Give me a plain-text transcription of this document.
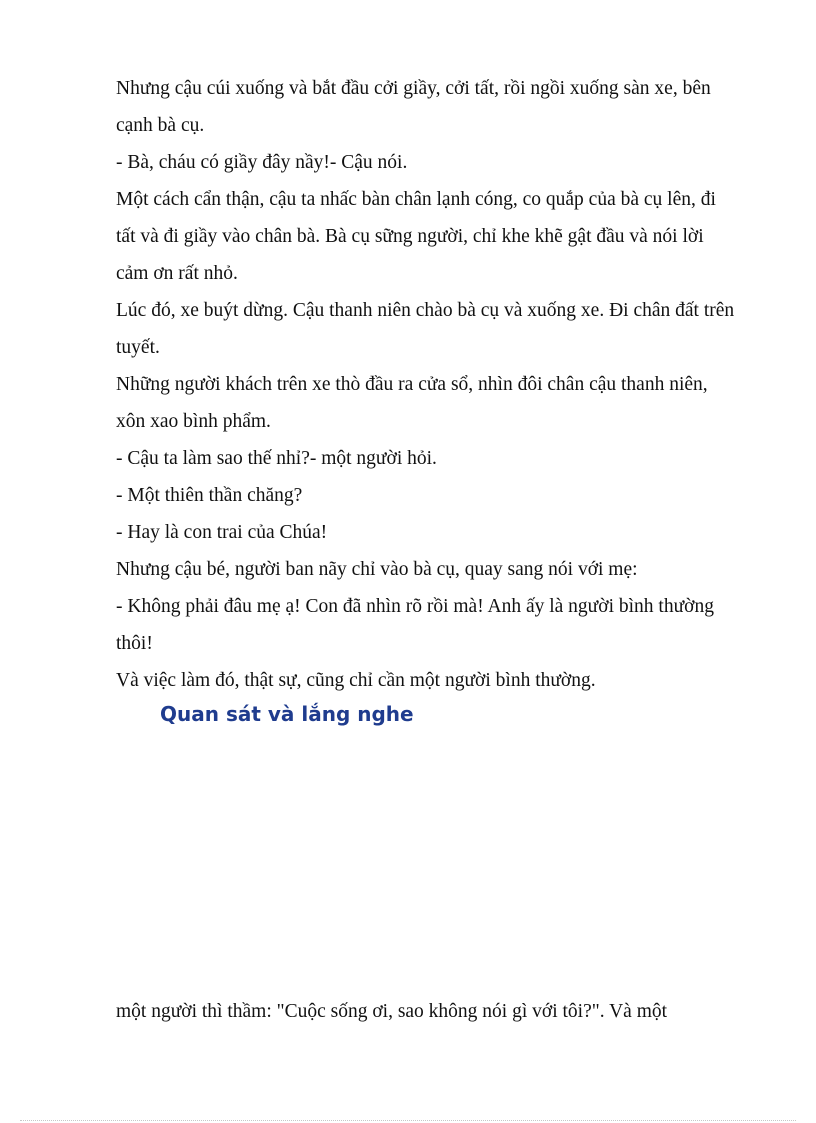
Nhưng cậu cúi xuống và bắt đầu cởi giầy, cởi tất, rồi ngồi xuống sàn xe, bên cạnh bà cụ.

- Bà, cháu có giầy đây nầy!- Cậu nói.

Một cách cẩn thận, cậu ta nhấc bàn chân lạnh cóng, co quắp của bà cụ lên, đi tất và đi giầy vào chân bà. Bà cụ sững người, chỉ khe khẽ gật đầu và nói lời cảm ơn rất nhỏ.

Lúc đó, xe buýt dừng. Cậu thanh niên chào bà cụ và xuống xe. Đi chân đất trên tuyết.

Những người khách trên xe thò đầu ra cửa sổ, nhìn đôi chân cậu thanh niên, xôn xao bình phẩm.

- Cậu ta làm sao thế nhỉ?- một người hỏi.

- Một thiên thần chăng?

- Hay là con trai của Chúa!

Nhưng cậu bé, người ban nãy chỉ vào bà cụ, quay sang nói với mẹ:

- Không phải đâu mẹ ạ! Con đã nhìn rõ rồi mà! Anh ấy là người bình thường thôi!

Và việc làm đó, thật sự, cũng chỉ cần một người bình thường.

Quan sát và lắng nghe

một người thì thầm: "Cuộc sống ơi, sao không nói gì với tôi?". Và một
